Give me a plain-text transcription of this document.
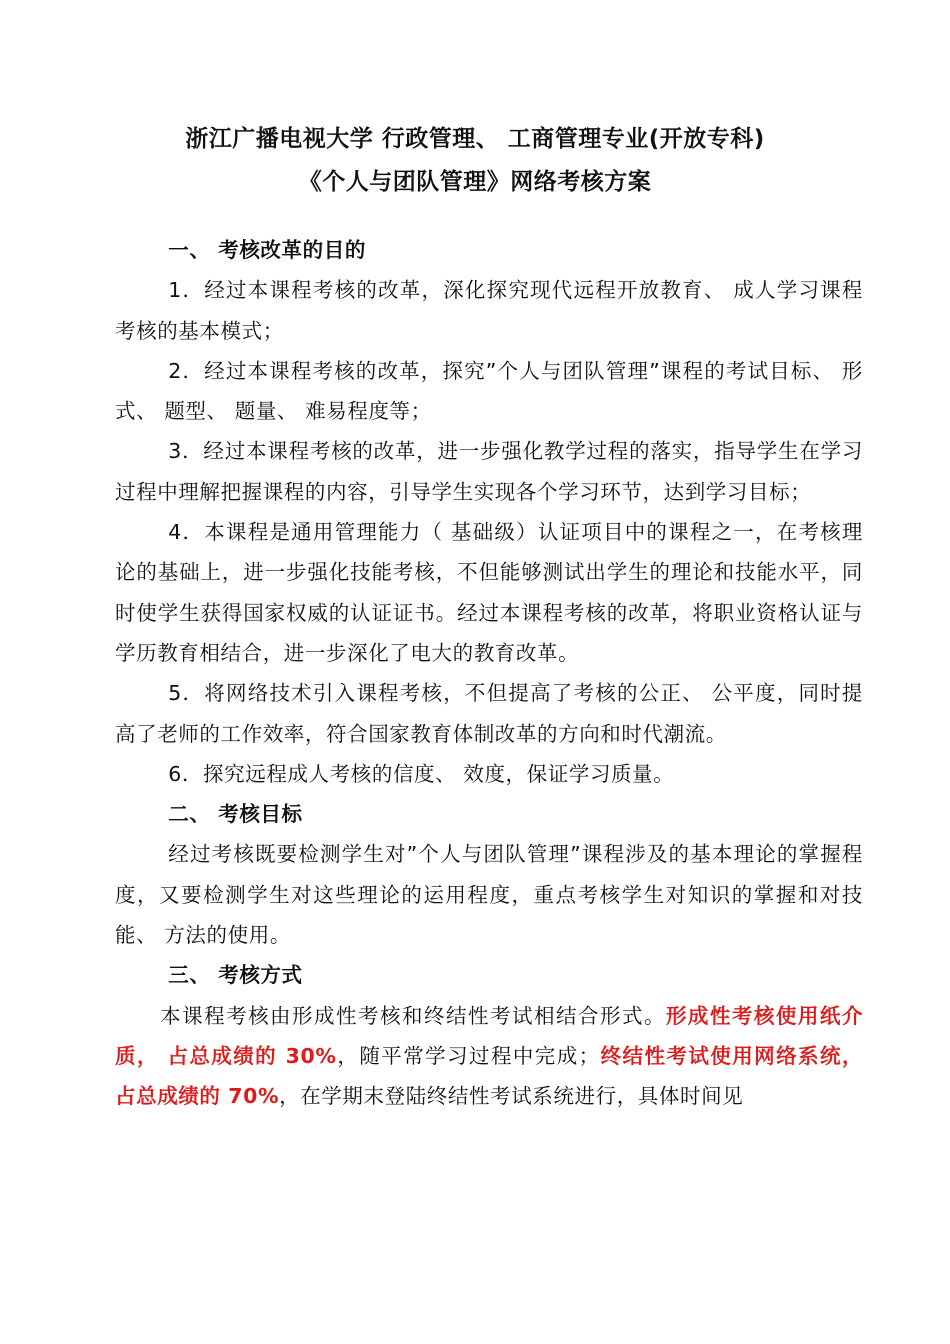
浙江广播电视大学 行政管理、 工商管理专业(开放专科)
《个人与团队管理》网络考核方案

一、 考核改革的目的

1．经过本课程考核的改革，深化探究现代远程开放教育、 成人学习课程考核的基本模式；

2．经过本课程考核的改革，探究”个人与团队管理”课程的考试目标、 形式、 题型、 题量、 难易程度等；

3．经过本课程考核的改革，进一步强化教学过程的落实，指导学生在学习过程中理解把握课程的内容，引导学生实现各个学习环节，达到学习目标；

4．本课程是通用管理能力（ 基础级）认证项目中的课程之一，在考核理论的基础上，进一步强化技能考核，不但能够测试出学生的理论和技能水平，同时使学生获得国家权威的认证证书。经过本课程考核的改革，将职业资格认证与学历教育相结合，进一步深化了电大的教育改革。

5．将网络技术引入课程考核，不但提高了考核的公正、 公平度，同时提高了老师的工作效率，符合国家教育体制改革的方向和时代潮流。

6．探究远程成人考核的信度、 效度，保证学习质量。

二、 考核目标

经过考核既要检测学生对”个人与团队管理”课程涉及的基本理论的掌握程度，又要检测学生对这些理论的运用程度，重点考核学生对知识的掌握和对技能、 方法的使用。

三、 考核方式

本课程考核由形成性考核和终结性考试相结合形式。形成性考核使用纸介质， 占总成绩的 30%，随平常学习过程中完成；终结性考试使用网络系统， 占总成绩的 70%，在学期末登陆终结性考试系统进行，具体时间见
